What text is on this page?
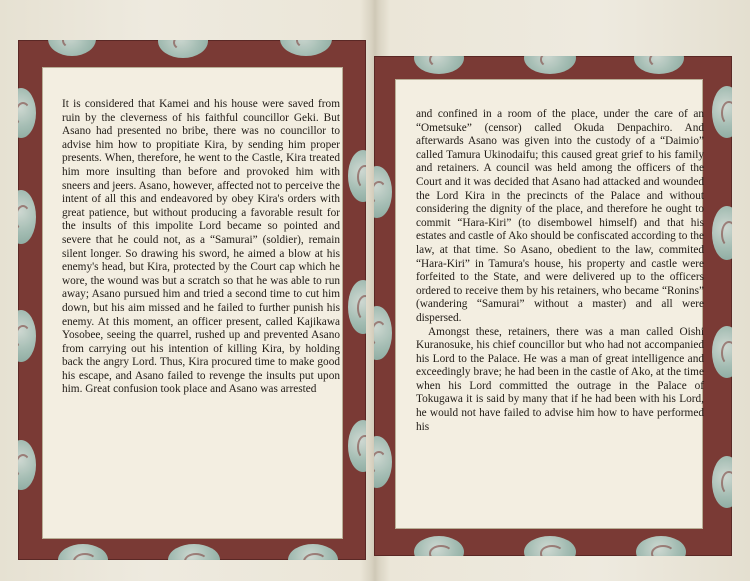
It is considered that Kamei and his house were saved from ruin by the cleverness of his faithful councillor Geki. But Asano had presented no bribe, there was no councillor to advise him how to propitiate Kira, by sending him proper presents. When, therefore, he went to the Castle, Kira treated him more insulting than before and provoked him with sneers and jeers. Asano, however, affected not to perceive the intent of all this and endeavored by obey Kira's orders with great patience, but without producing a favorable result for the insults of this impolite Lord became so pointed and severe that he could not, as a “Samurai” (soldier), remain silent longer. So drawing his sword, he aimed a blow at his enemy's head, but Kira, protected by the Court cap which he wore, the wound was but a scratch so that he was able to run away; Asano pursued him and tried a second time to cut him down, but his aim missed and he failed to further punish his enemy. At this moment, an officer present, called Kajikawa Yosobee, seeing the quarrel, rushed up and prevented Asano from carrying out his intention of killing Kira, by holding back the angry Lord. Thus, Kira procured time to make good his escape, and Asano failed to revenge the insults put upon him. Great confusion took place and Asano was arrested

and confined in a room of the place, under the care of an “Ometsuke” (censor) called Okuda Denpachiro. And afterwards Asano was given into the custody of a “Daimio” called Tamura Ukinodaifu; this caused great grief to his family and retainers. A council was held among the officers of the Court and it was decided that Asano had attacked and wounded the Lord Kira in the precincts of the Palace and without considering the dignity of the place, and therefore he ought to commit “Hara-Kiri” (to disembowel himself) and that his estates and castle of Ako should be confiscated according to the law, at that time. So Asano, obedient to the law, commited “Hara-Kiri” in Tamura's house, his property and castle were forfeited to the State, and were delivered up to the officers ordered to receive them by his retainers, who became “Ronins” (wandering “Samurai” without a master) and all were dispersed.

Amongst these, retainers, there was a man called Oishi Kuranosuke, his chief councillor but who had not accompanied his Lord to the Palace. He was a man of great intelligence and exceedingly brave; he had been in the castle of Ako, at the time when his Lord committed the outrage in the Palace of Tokugawa it is said by many that if he had been with his Lord, he would not have failed to advise him how to have performed his
